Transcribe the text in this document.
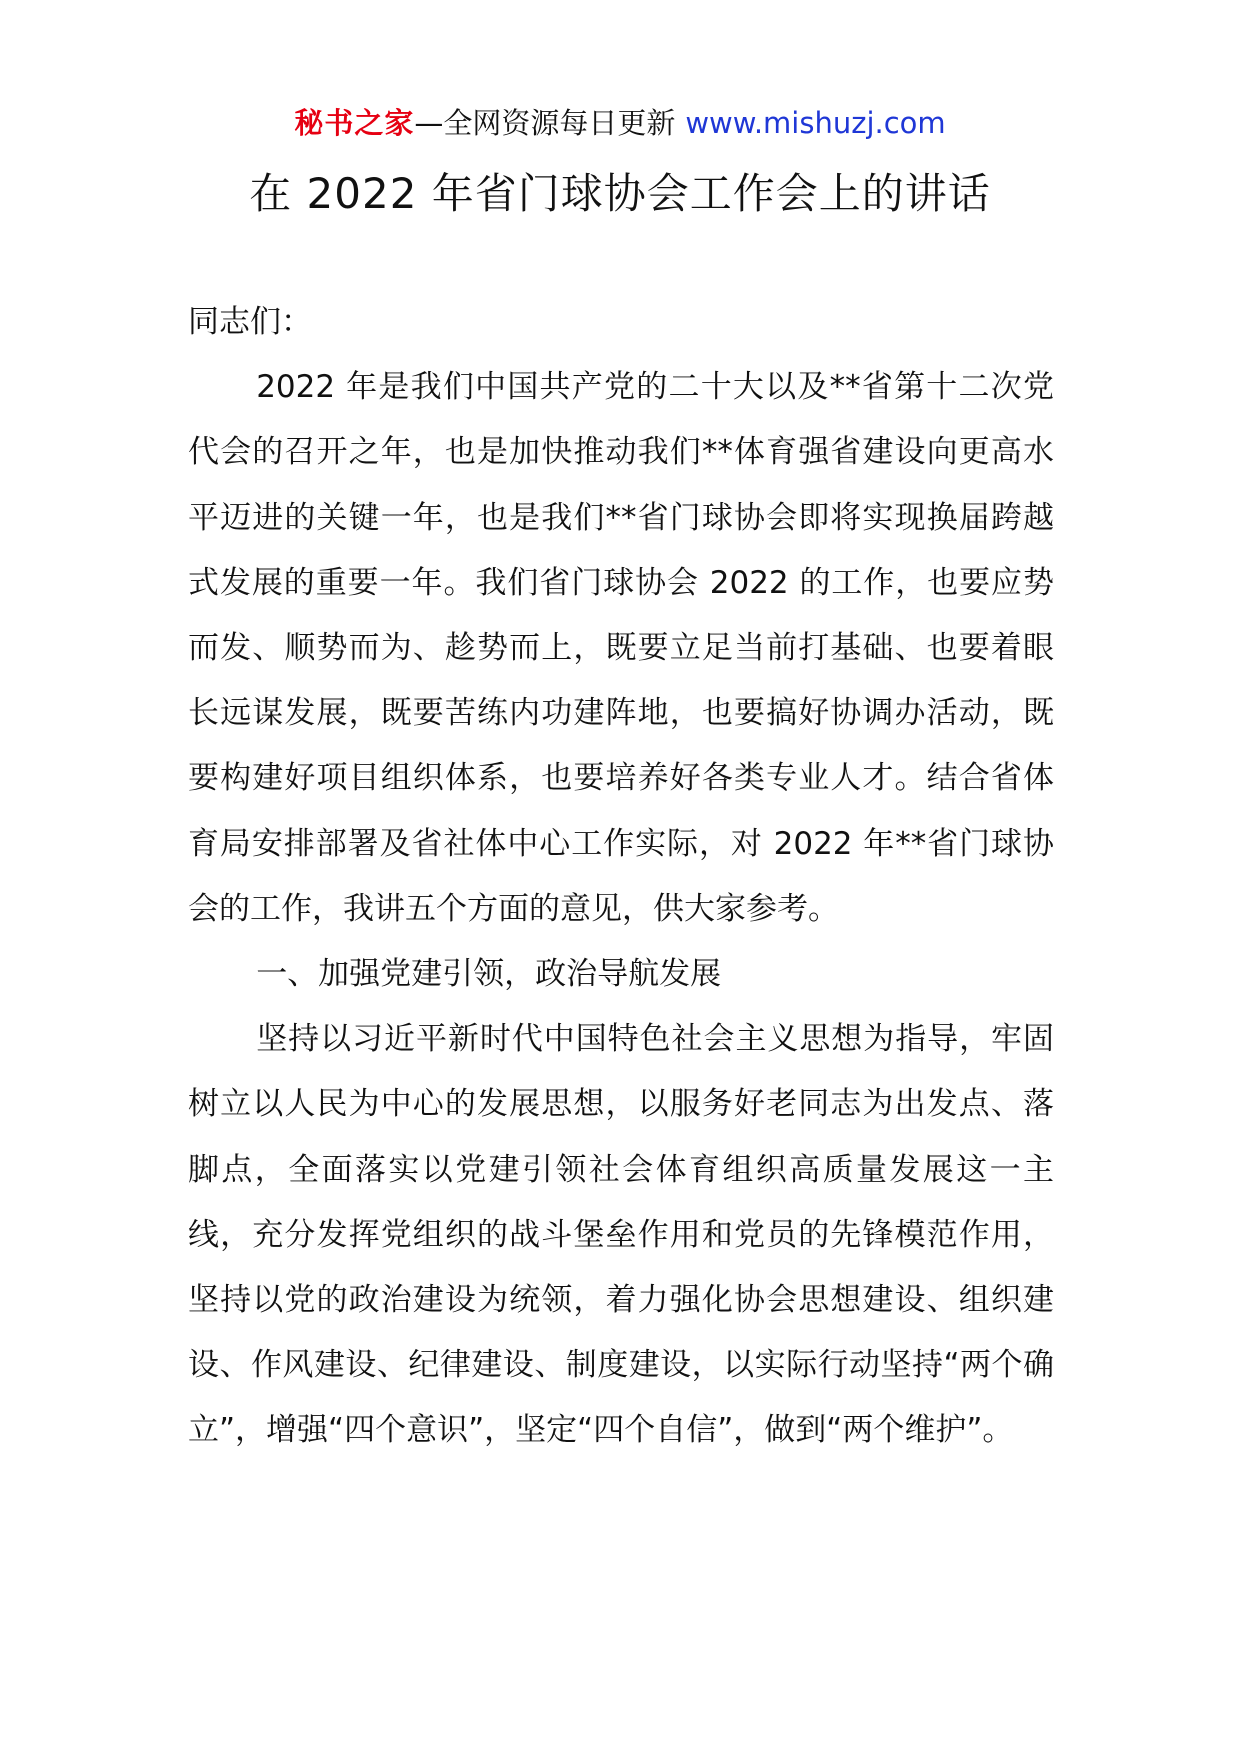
秘书之家—全网资源每日更新 www.mishuzj.com
在 2022 年省门球协会工作会上的讲话

同志们：

2022 年是我们中国共产党的二十大以及**省第十二次党代会的召开之年，也是加快推动我们**体育强省建设向更高水平迈进的关键一年，也是我们**省门球协会即将实现换届跨越式发展的重要一年。我们省门球协会 2022 的工作，也要应势而发、顺势而为、趁势而上，既要立足当前打基础、也要着眼长远谋发展，既要苦练内功建阵地，也要搞好协调办活动，既要构建好项目组织体系，也要培养好各类专业人才。结合省体育局安排部署及省社体中心工作实际，对 2022 年**省门球协会的工作，我讲五个方面的意见，供大家参考。

一、加强党建引领，政治导航发展

坚持以习近平新时代中国特色社会主义思想为指导，牢固树立以人民为中心的发展思想，以服务好老同志为出发点、落脚点，全面落实以党建引领社会体育组织高质量发展这一主线，充分发挥党组织的战斗堡垒作用和党员的先锋模范作用，坚持以党的政治建设为统领，着力强化协会思想建设、组织建设、作风建设、纪律建设、制度建设，以实际行动坚持“两个确立”，增强“四个意识”，坚定“四个自信”，做到“两个维护”。
